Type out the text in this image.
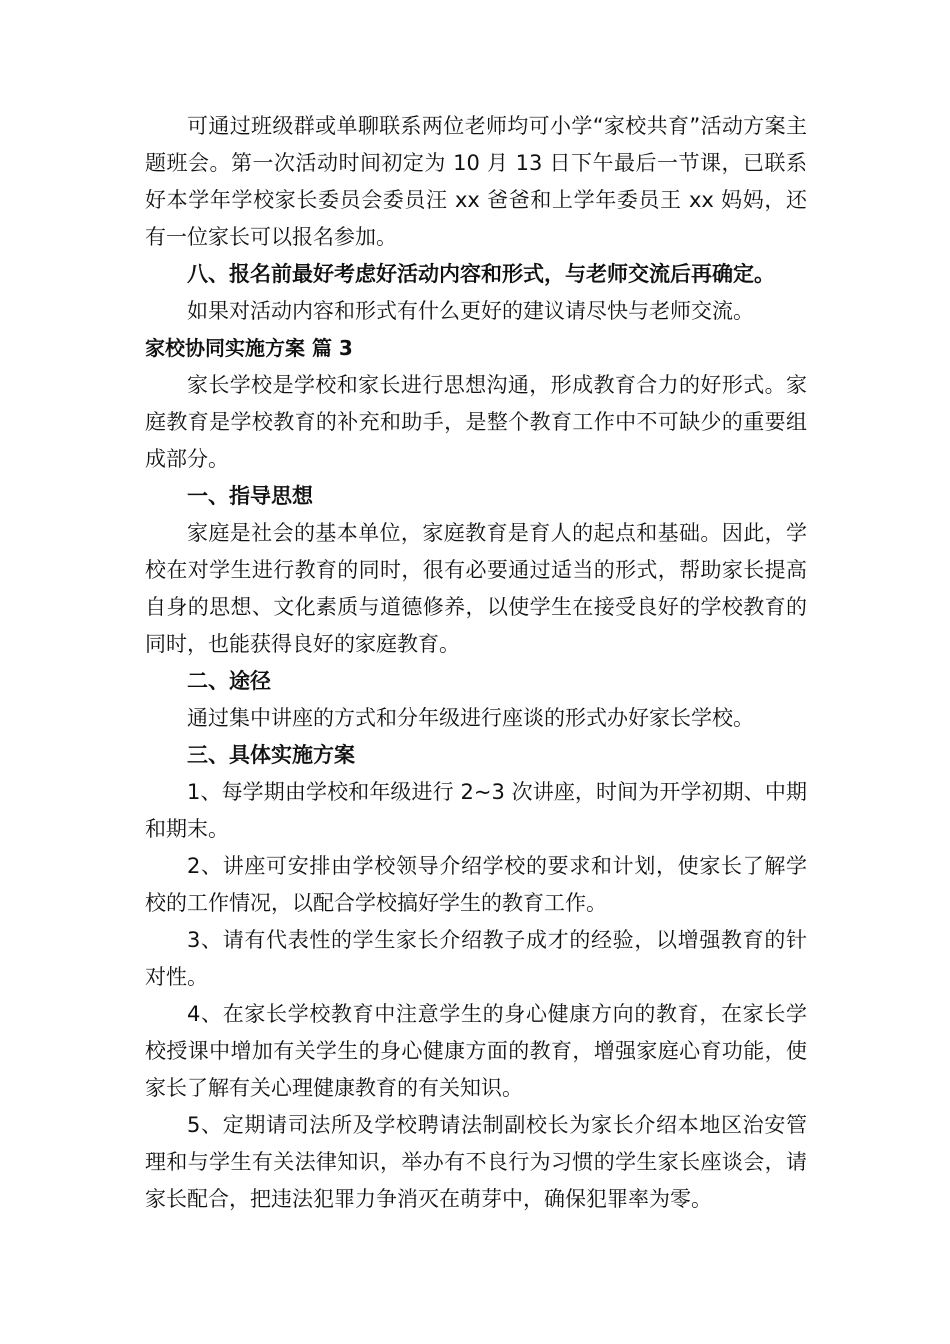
可通过班级群或单聊联系两位老师均可小学“家校共育”活动方案主题班会。第一次活动时间初定为 10 月 13 日下午最后一节课，已联系好本学年学校家长委员会委员汪 xx 爸爸和上学年委员王 xx 妈妈，还有一位家长可以报名参加。

八、报名前最好考虑好活动内容和形式，与老师交流后再确定。

如果对活动内容和形式有什么更好的建议请尽快与老师交流。

家校协同实施方案 篇 3

家长学校是学校和家长进行思想沟通，形成教育合力的好形式。家庭教育是学校教育的补充和助手，是整个教育工作中不可缺少的重要组成部分。

一、指导思想

家庭是社会的基本单位，家庭教育是育人的起点和基础。因此，学校在对学生进行教育的同时，很有必要通过适当的形式，帮助家长提高自身的思想、文化素质与道德修养，以使学生在接受良好的学校教育的同时，也能获得良好的家庭教育。

二、途径

通过集中讲座的方式和分年级进行座谈的形式办好家长学校。

三、具体实施方案

1、每学期由学校和年级进行 2~3 次讲座，时间为开学初期、中期和期末。

2、讲座可安排由学校领导介绍学校的要求和计划，使家长了解学校的工作情况，以配合学校搞好学生的教育工作。

3、请有代表性的学生家长介绍教子成才的经验，以增强教育的针对性。

4、在家长学校教育中注意学生的身心健康方向的教育，在家长学校授课中增加有关学生的身心健康方面的教育，增强家庭心育功能，使家长了解有关心理健康教育的有关知识。

5、定期请司法所及学校聘请法制副校长为家长介绍本地区治安管理和与学生有关法律知识，举办有不良行为习惯的学生家长座谈会，请家长配合，把违法犯罪力争消灭在萌芽中，确保犯罪率为零。
